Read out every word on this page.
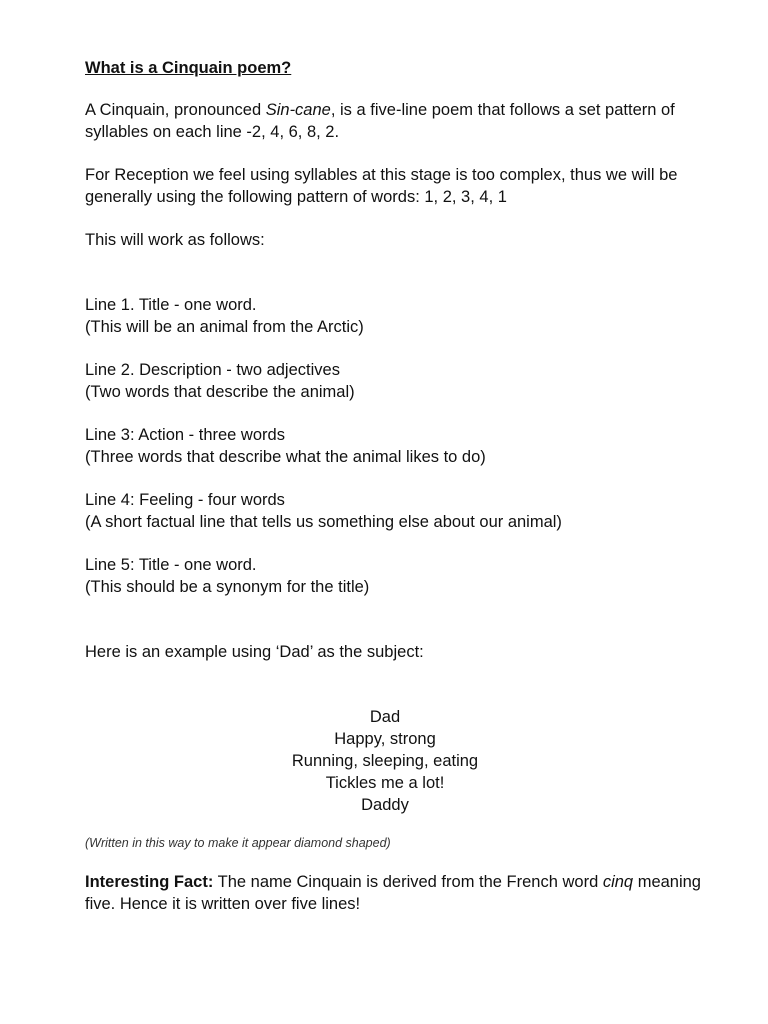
What is a Cinquain poem?

A Cinquain, pronounced Sin-cane, is a five-line poem that follows a set pattern of syllables on each line -2, 4, 6, 8, 2.

For Reception we feel using syllables at this stage is too complex, thus we will be generally using the following pattern of words: 1, 2, 3, 4, 1

This will work as follows:

Line 1. Title - one word.

(This will be an animal from the Arctic)

Line 2. Description - two adjectives

(Two words that describe the animal)

Line 3: Action - three words

(Three words that describe what the animal likes to do)

Line 4: Feeling - four words

(A short factual line that tells us something else about our animal)

Line 5: Title - one word.

(This should be a synonym for the title)

Here is an example using ‘Dad’ as the subject:

Dad
Happy, strong
Running, sleeping, eating
Tickles me a lot!
Daddy

(Written in this way to make it appear diamond shaped)

Interesting Fact: The name Cinquain is derived from the French word cinq meaning five. Hence it is written over five lines!
